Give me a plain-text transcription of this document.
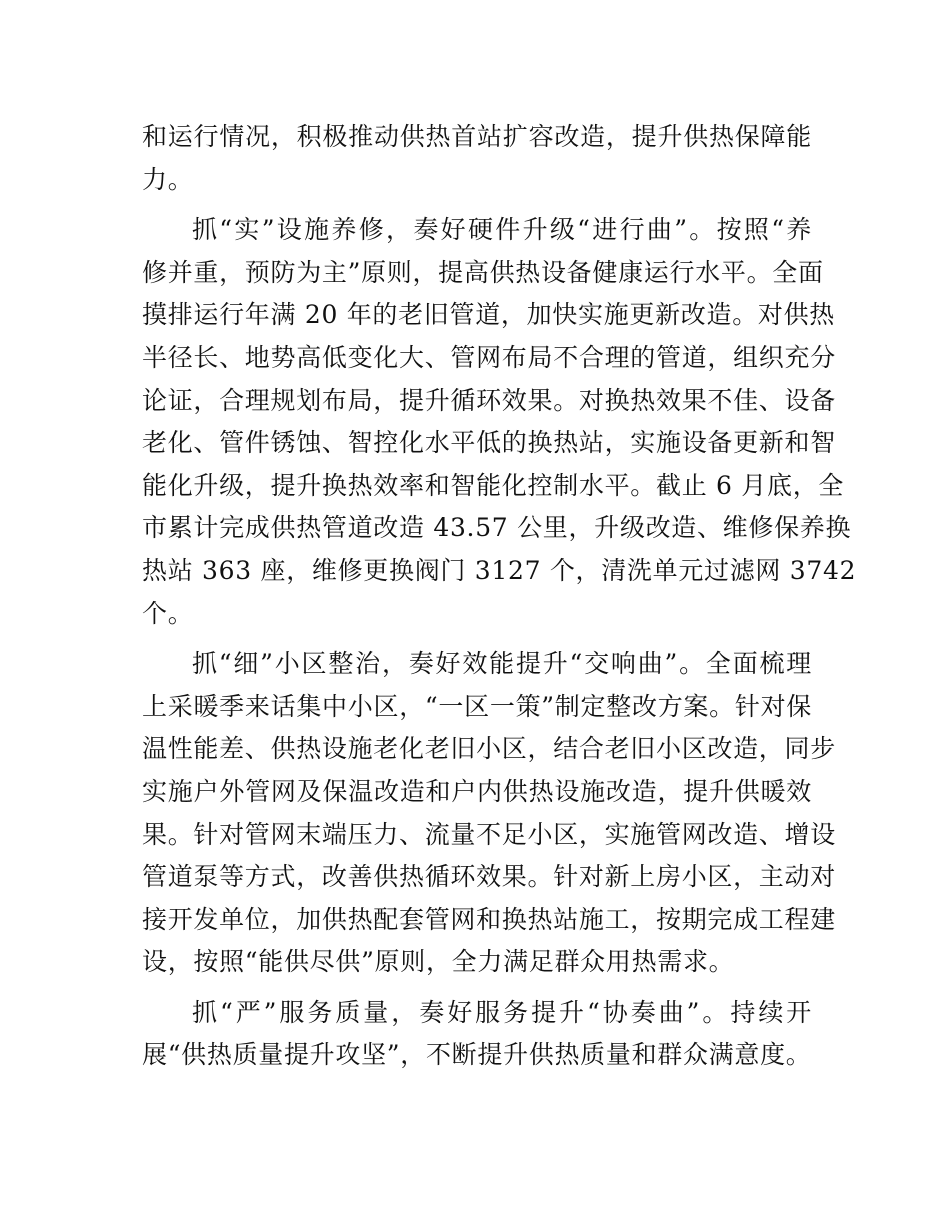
和运行情况，积极推动供热首站扩容改造，提升供热保障能
力。

抓“实”设施养修，奏好硬件升级“进行曲”。按照“养
修并重，预防为主”原则，提高供热设备健康运行水平。全面
摸排运行年满 20 年的老旧管道，加快实施更新改造。对供热
半径长、地势高低变化大、管网布局不合理的管道，组织充分
论证，合理规划布局，提升循环效果。对换热效果不佳、设备
老化、管件锈蚀、智控化水平低的换热站，实施设备更新和智
能化升级，提升换热效率和智能化控制水平。截止 6 月底，全
市累计完成供热管道改造 43.57 公里，升级改造、维修保养换
热站 363 座，维修更换阀门 3127 个，清洗单元过滤网 3742
个。

抓“细”小区整治，奏好效能提升“交响曲”。全面梳理
上采暖季来话集中小区，“一区一策”制定整改方案。针对保
温性能差、供热设施老化老旧小区，结合老旧小区改造，同步
实施户外管网及保温改造和户内供热设施改造，提升供暖效
果。针对管网末端压力、流量不足小区，实施管网改造、增设
管道泵等方式，改善供热循环效果。针对新上房小区，主动对
接开发单位，加供热配套管网和换热站施工，按期完成工程建
设，按照“能供尽供”原则，全力满足群众用热需求。

抓“严”服务质量，奏好服务提升“协奏曲”。持续开
展“供热质量提升攻坚”，不断提升供热质量和群众满意度。
